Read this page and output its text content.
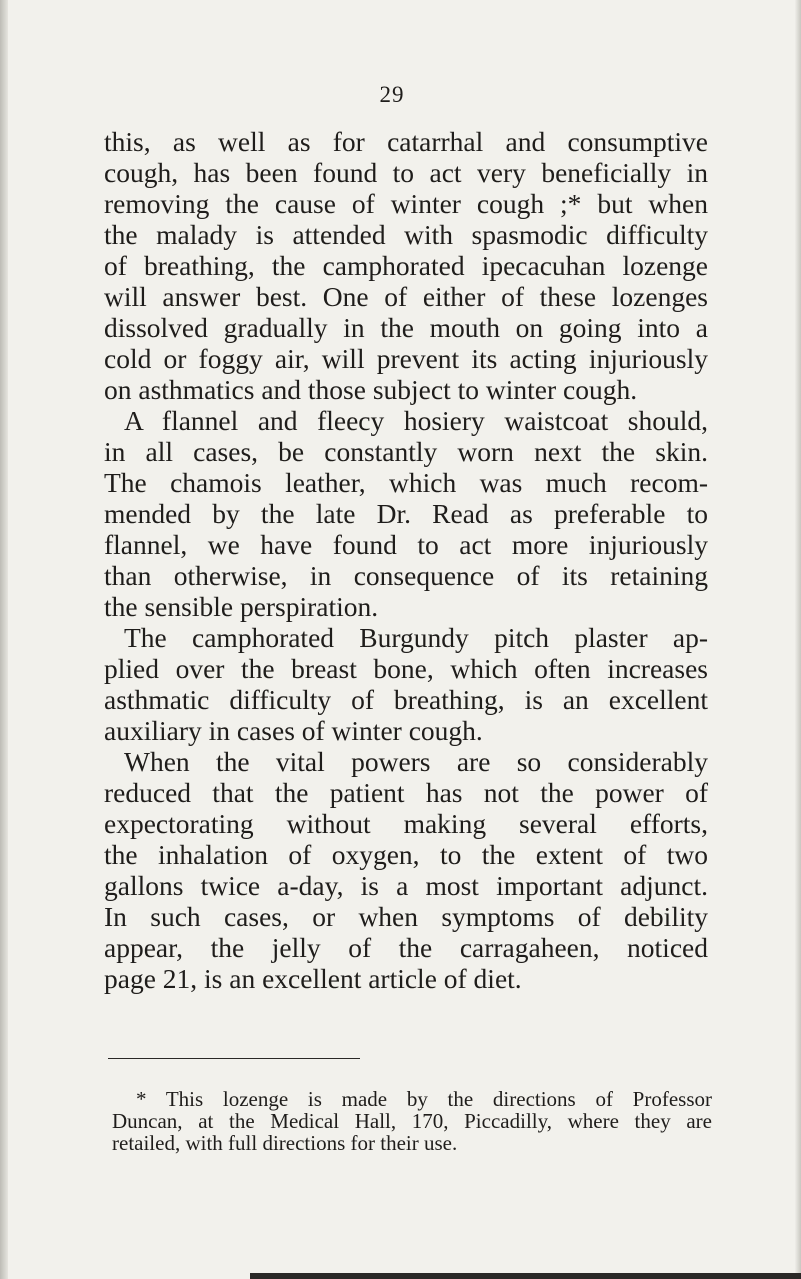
29
this, as well as for catarrhal and consumptive
cough, has been found to act very beneficially in
removing the cause of winter cough ;* but when
the malady is attended with spasmodic difficulty
of breathing, the camphorated ipecacuhan lozenge
will answer best. One of either of these lozenges
dissolved gradually in the mouth on going into a
cold or foggy air, will prevent its acting injuriously
on asthmatics and those subject to winter cough.
A flannel and fleecy hosiery waistcoat should,
in all cases, be constantly worn next the skin.
The chamois leather, which was much recom-
mended by the late Dr. Read as preferable to
flannel, we have found to act more injuriously
than otherwise, in consequence of its retaining
the sensible perspiration.
The camphorated Burgundy pitch plaster ap-
plied over the breast bone, which often increases
asthmatic difficulty of breathing, is an excellent
auxiliary in cases of winter cough.
When the vital powers are so considerably
reduced that the patient has not the power of
expectorating without making several efforts,
the inhalation of oxygen, to the extent of two
gallons twice a-day, is a most important adjunct.
In such cases, or when symptoms of debility
appear, the jelly of the carragaheen, noticed
page 21, is an excellent article of diet.
* This lozenge is made by the directions of Professor
Duncan, at the Medical Hall, 170, Piccadilly, where they are
retailed, with full directions for their use.
